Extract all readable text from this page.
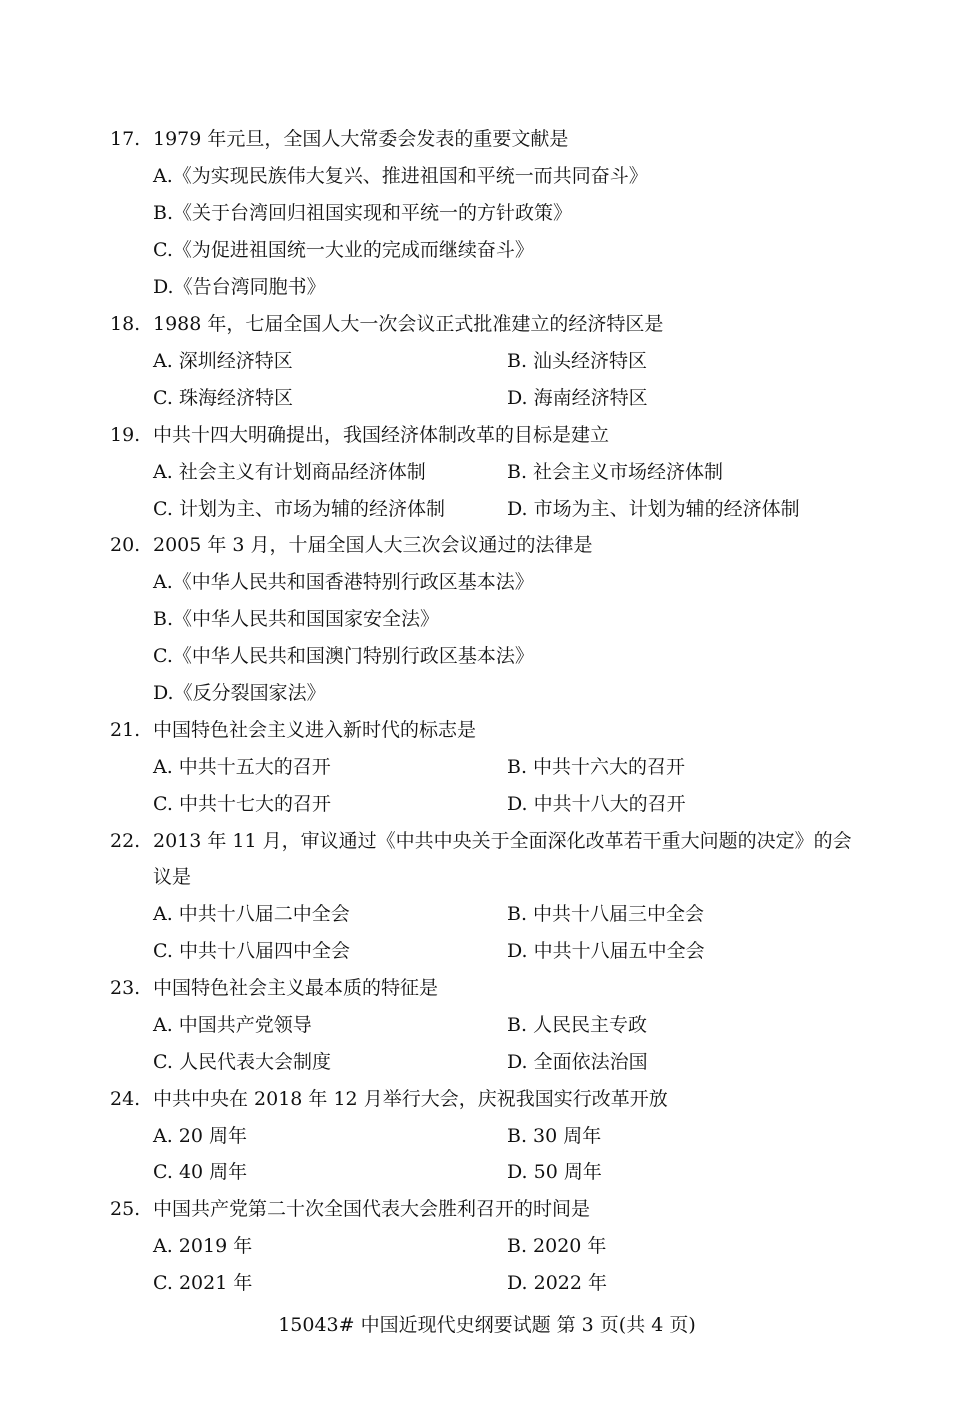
17. 1979 年元旦，全国人大常委会发表的重要文献是
A.《为实现民族伟大复兴、推进祖国和平统一而共同奋斗》
B.《关于台湾回归祖国实现和平统一的方针政策》
C.《为促进祖国统一大业的完成而继续奋斗》
D.《告台湾同胞书》
18. 1988 年，七届全国人大一次会议正式批准建立的经济特区是
A. 深圳经济特区	B. 汕头经济特区
C. 珠海经济特区	D. 海南经济特区
19. 中共十四大明确提出，我国经济体制改革的目标是建立
A. 社会主义有计划商品经济体制	B. 社会主义市场经济体制
C. 计划为主、市场为辅的经济体制	D. 市场为主、计划为辅的经济体制
20. 2005 年 3 月，十届全国人大三次会议通过的法律是
A.《中华人民共和国香港特别行政区基本法》
B.《中华人民共和国国家安全法》
C.《中华人民共和国澳门特别行政区基本法》
D.《反分裂国家法》
21. 中国特色社会主义进入新时代的标志是
A. 中共十五大的召开	B. 中共十六大的召开
C. 中共十七大的召开	D. 中共十八大的召开
22. 2013 年 11 月，审议通过《中共中央关于全面深化改革若干重大问题的决定》的会
议是
A. 中共十八届二中全会	B. 中共十八届三中全会
C. 中共十八届四中全会	D. 中共十八届五中全会
23. 中国特色社会主义最本质的特征是
A. 中国共产党领导	B. 人民民主专政
C. 人民代表大会制度	D. 全面依法治国
24. 中共中央在 2018 年 12 月举行大会，庆祝我国实行改革开放
A. 20 周年	B. 30 周年
C. 40 周年	D. 50 周年
25. 中国共产党第二十次全国代表大会胜利召开的时间是
A. 2019 年	B. 2020 年
C. 2021 年	D. 2022 年
15043# 中国近现代史纲要试题 第 3 页(共 4 页)
